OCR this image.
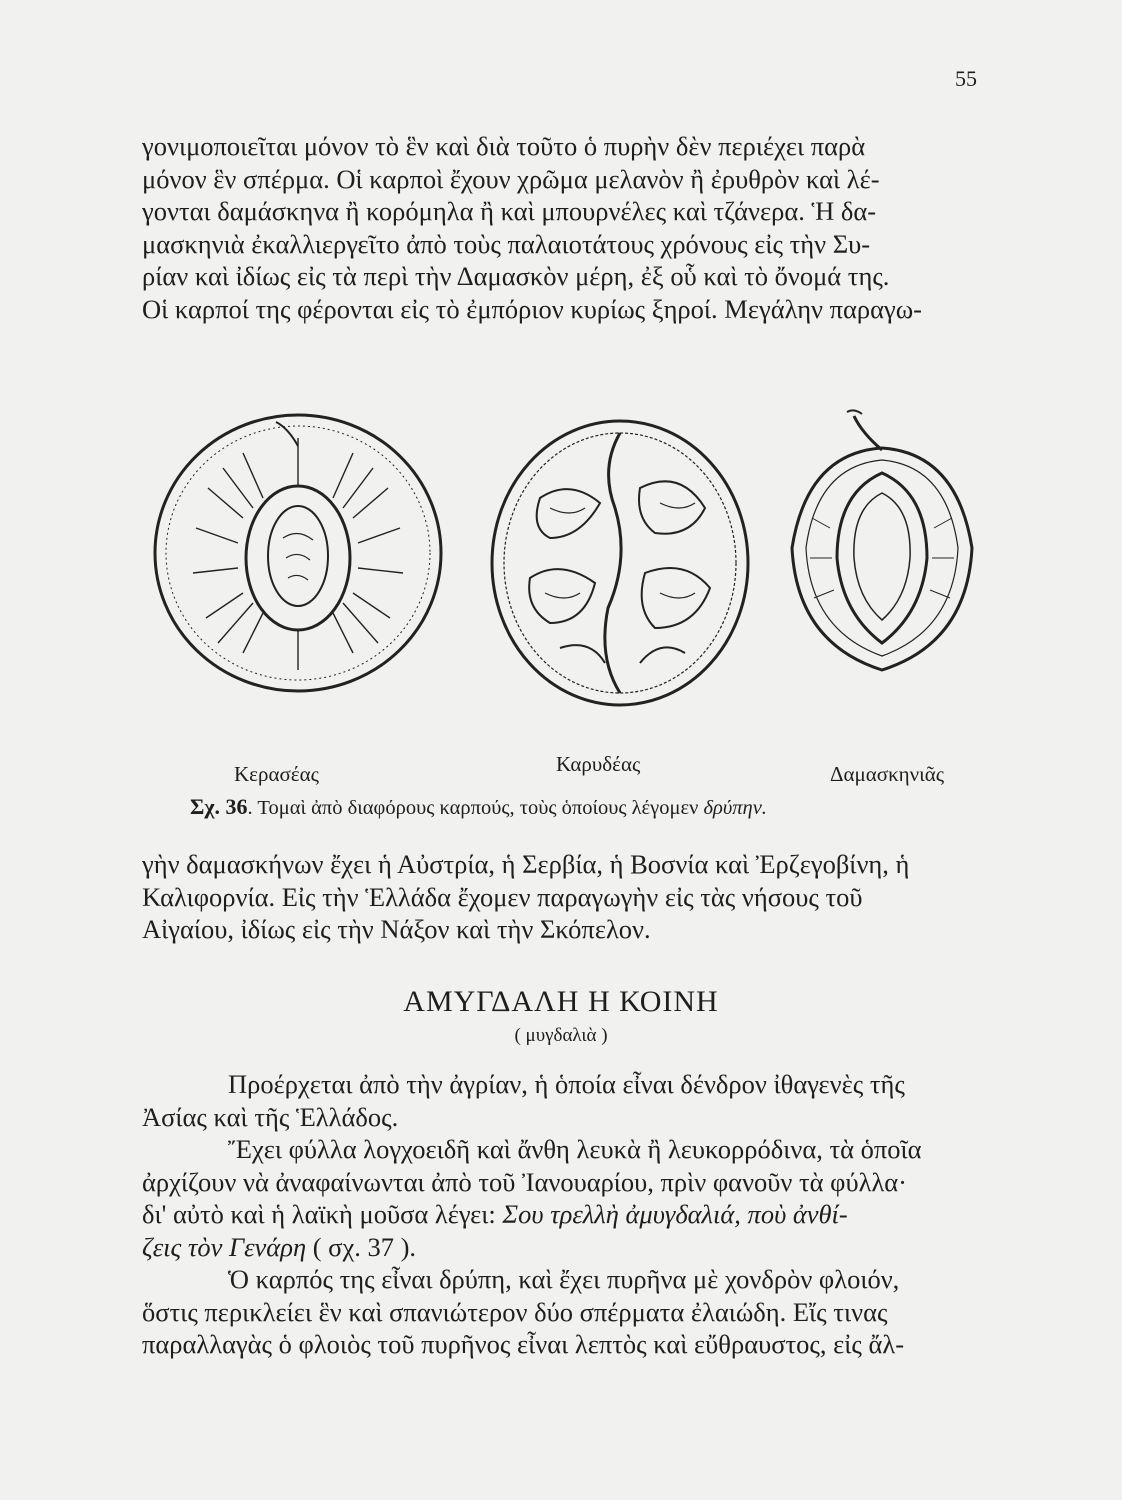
55
γονιμοποιεῖται μόνον τὸ ἓν καὶ διὰ τοῦτο ὁ πυρὴν δὲν περιέχει παρὰ
μόνον ἓν σπέρμα. Οἱ καρποὶ ἔχουν χρῶμα μελανὸν ἢ ἐρυθρὸν καὶ λέ-
γονται δαμάσκηνα ἢ κορόμηλα ἢ καὶ μπουρνέλες καὶ τζάνερα. Ἡ δα-
μασκηνιὰ ἐκαλλιεργεῖτο ἀπὸ τοὺς παλαιοτάτους χρόνους εἰς τὴν Συ-
ρίαν καὶ ἰδίως εἰς τὰ περὶ τὴν Δαμασκὸν μέρη, ἐξ οὗ καὶ τὸ ὄνομά της.
Οἱ καρποί της φέρονται εἰς τὸ ἐμπόριον κυρίως ξηροί. Μεγάλην παραγω-
Κερασέας	Καρυδέας	Δαμασκηνιᾶς
Σχ. 36. Τομαὶ ἀπὸ διαφόρους καρπούς, τοὺς ὁποίους λέγομεν δρύπην.
γὴν δαμασκήνων ἔχει ἡ Αὐστρία, ἡ Σερβία, ἡ Βοσνία καὶ Ἐρζεγοβίνη, ἡ
Καλιφορνία. Εἰς τὴν Ἑλλάδα ἔχομεν παραγωγὴν εἰς τὰς νήσους τοῦ
Αἰγαίου, ἰδίως εἰς τὴν Νάξον καὶ τὴν Σκόπελον.
ΑΜΥΓΔΑΛΗ Η ΚΟΙΝΗ
( μυγδαλιὰ )
Προέρχεται ἀπὸ τὴν ἀγρίαν, ἡ ὁποία εἶναι δένδρον ἰθαγενὲς τῆς
Ἀσίας καὶ τῆς Ἑλλάδος.
Ἔχει φύλλα λογχοειδῆ καὶ ἄνθη λευκὰ ἢ λευκορρόδινα, τὰ ὁποῖα
ἀρχίζουν νὰ ἀναφαίνωνται ἀπὸ τοῦ Ἰανουαρίου, πρὶν φανοῦν τὰ φύλλα·
δι' αὐτὸ καὶ ἡ λαϊκὴ μοῦσα λέγει: Σου τρελλὴ ἀμυγδαλιά, ποὺ ἀνθί-
ζεις τὸν Γενάρη ( σχ. 37 ).
Ὁ καρπός της εἶναι δρύπη, καὶ ἔχει πυρῆνα μὲ χονδρὸν φλοιόν,
ὅστις περικλείει ἓν καὶ σπανιώτερον δύο σπέρματα ἐλαιώδη. Εἴς τινας
παραλλαγὰς ὁ φλοιὸς τοῦ πυρῆνος εἶναι λεπτὸς καὶ εὔθραυστος, εἰς ἄλ-
